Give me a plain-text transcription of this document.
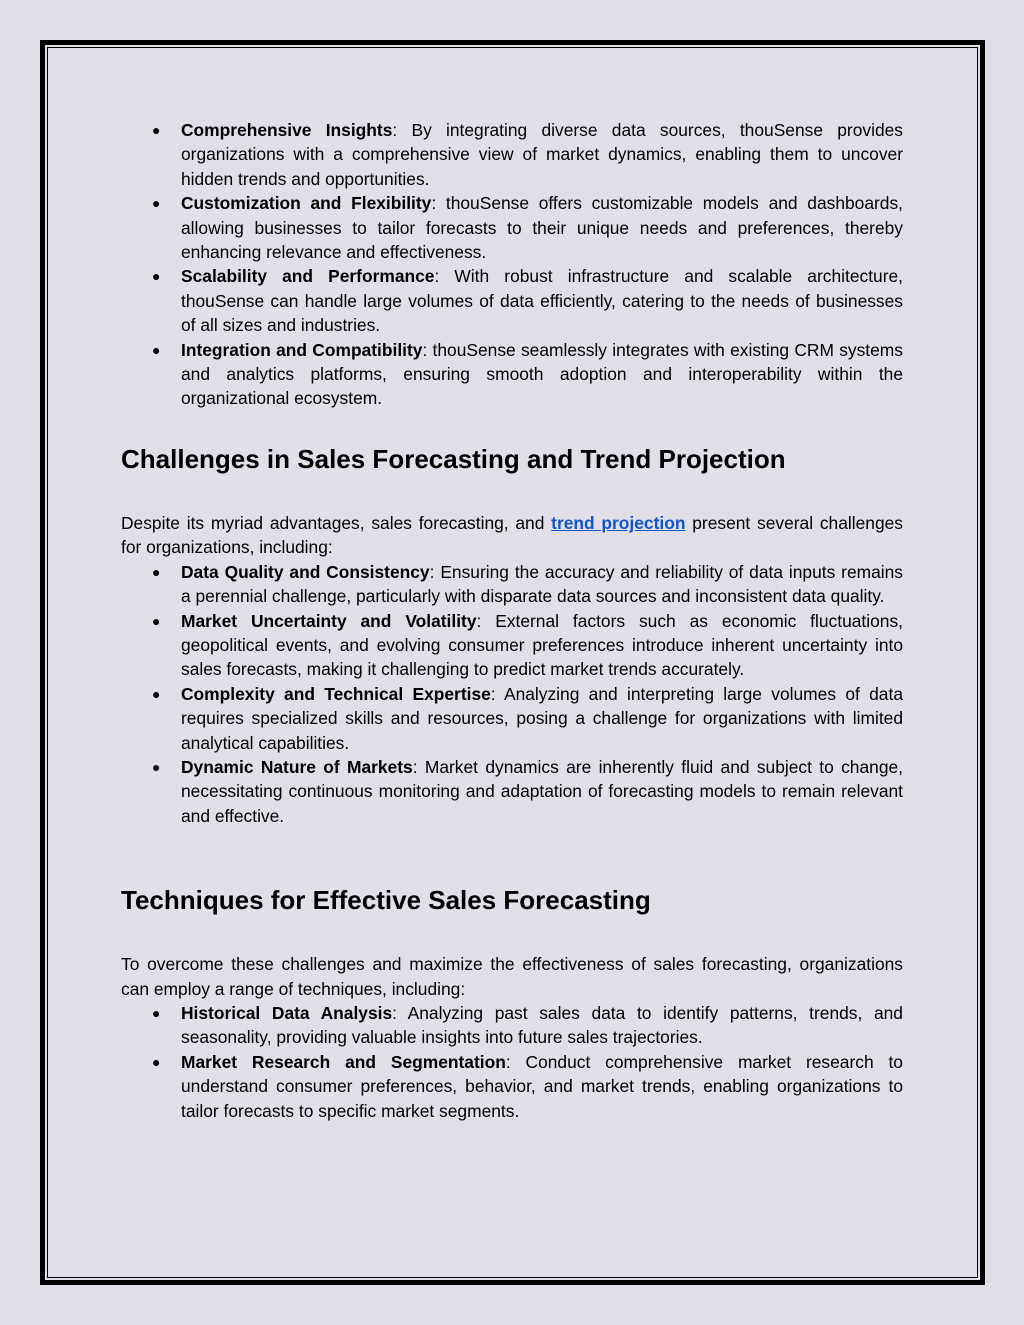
● Comprehensive Insights: By integrating diverse data sources, thouSense provides organizations with a comprehensive view of market dynamics, enabling them to uncover hidden trends and opportunities.
● Customization and Flexibility: thouSense offers customizable models and dashboards, allowing businesses to tailor forecasts to their unique needs and preferences, thereby enhancing relevance and effectiveness.
● Scalability and Performance: With robust infrastructure and scalable architecture, thouSense can handle large volumes of data efficiently, catering to the needs of businesses of all sizes and industries.
● Integration and Compatibility: thouSense seamlessly integrates with existing CRM systems and analytics platforms, ensuring smooth adoption and interoperability within the organizational ecosystem.
Challenges in Sales Forecasting and Trend Projection

Despite its myriad advantages, sales forecasting, and trend projection present several challenges for organizations, including:

● Data Quality and Consistency: Ensuring the accuracy and reliability of data inputs remains a perennial challenge, particularly with disparate data sources and inconsistent data quality.
● Market Uncertainty and Volatility: External factors such as economic fluctuations, geopolitical events, and evolving consumer preferences introduce inherent uncertainty into sales forecasts, making it challenging to predict market trends accurately.
● Complexity and Technical Expertise: Analyzing and interpreting large volumes of data requires specialized skills and resources, posing a challenge for organizations with limited analytical capabilities.
● Dynamic Nature of Markets: Market dynamics are inherently fluid and subject to change, necessitating continuous monitoring and adaptation of forecasting models to remain relevant and effective.
Techniques for Effective Sales Forecasting

To overcome these challenges and maximize the effectiveness of sales forecasting, organizations can employ a range of techniques, including:

● Historical Data Analysis: Analyzing past sales data to identify patterns, trends, and seasonality, providing valuable insights into future sales trajectories.
● Market Research and Segmentation: Conduct comprehensive market research to understand consumer preferences, behavior, and market trends, enabling organizations to tailor forecasts to specific market segments.
